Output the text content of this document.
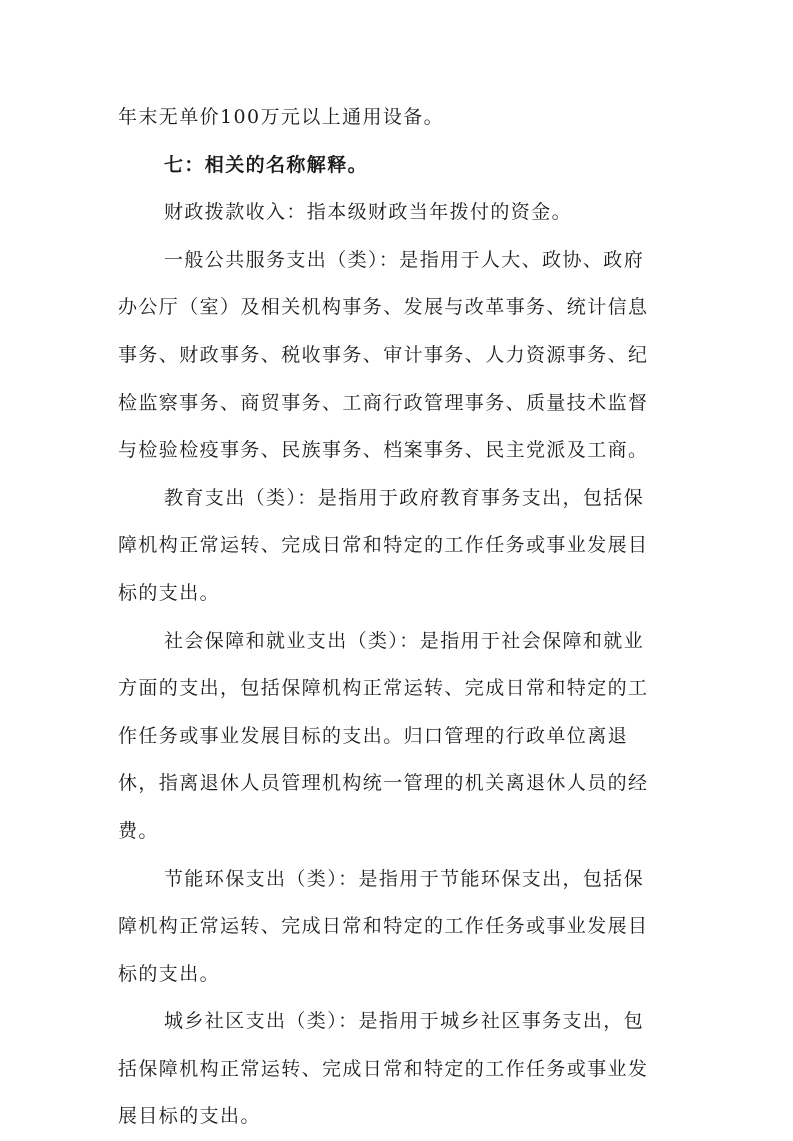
年末无单价100万元以上通用设备。
七：相关的名称解释。
财政拨款收入：指本级财政当年拨付的资金。
一般公共服务支出（类）：是指用于人大、政协、政府
办公厅（室）及相关机构事务、发展与改革事务、统计信息
事务、财政事务、税收事务、审计事务、人力资源事务、纪
检监察事务、商贸事务、工商行政管理事务、质量技术监督
与检验检疫事务、民族事务、档案事务、民主党派及工商。
教育支出（类）：是指用于政府教育事务支出，包括保
障机构正常运转、完成日常和特定的工作任务或事业发展目
标的支出。
社会保障和就业支出（类）：是指用于社会保障和就业
方面的支出，包括保障机构正常运转、完成日常和特定的工
作任务或事业发展目标的支出。归口管理的行政单位离退
休，指离退休人员管理机构统一管理的机关离退休人员的经
费。
节能环保支出（类）：是指用于节能环保支出，包括保
障机构正常运转、完成日常和特定的工作任务或事业发展目
标的支出。
城乡社区支出（类）：是指用于城乡社区事务支出，包
括保障机构正常运转、完成日常和特定的工作任务或事业发
展目标的支出。
